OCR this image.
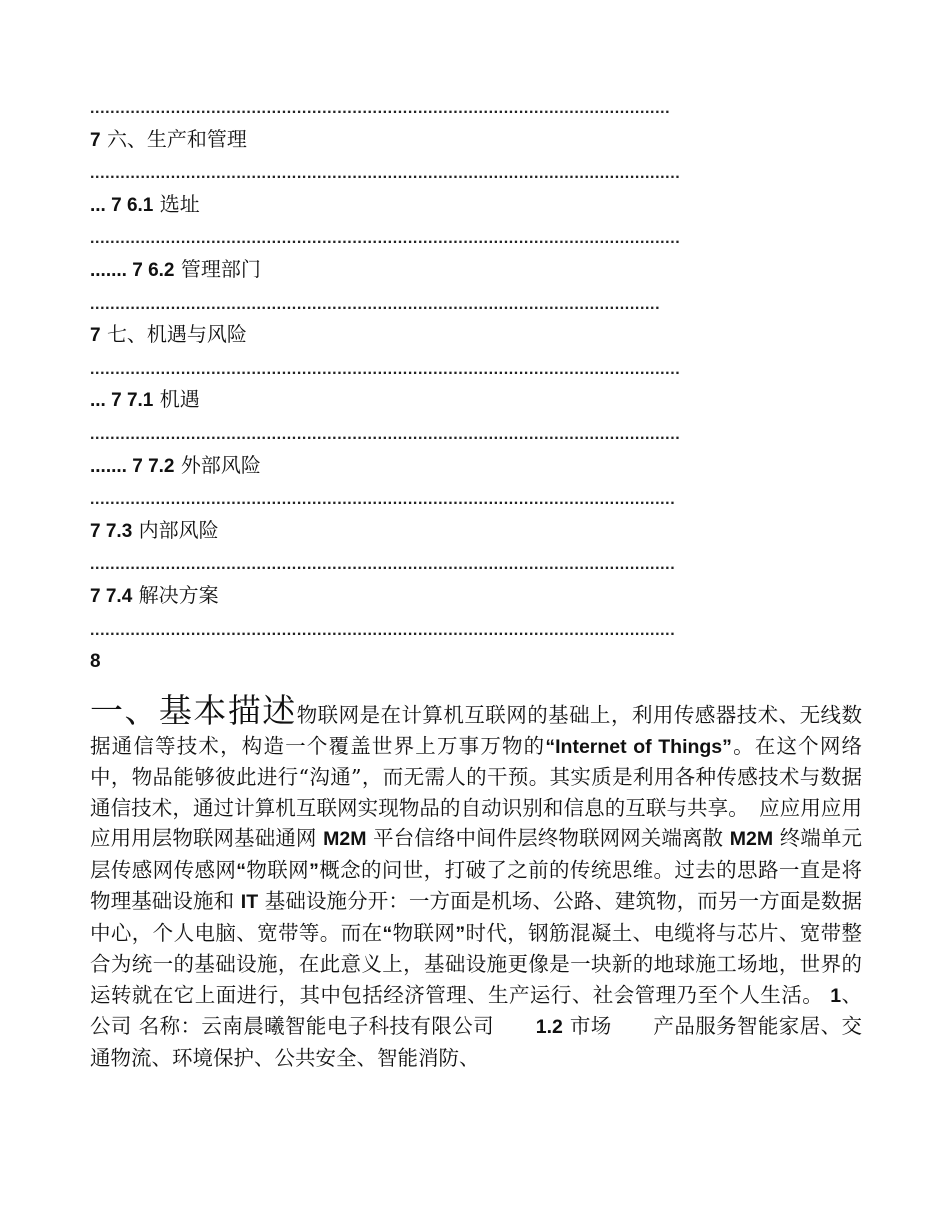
...................................................................................................................
7 六、生产和管理
.....................................................................................................................
... 7 6.1 选址
.....................................................................................................................
....... 7 6.2 管理部门
.................................................................................................................
7 七、机遇与风险
.....................................................................................................................
... 7 7.1 机遇
.....................................................................................................................
....... 7 7.2 外部风险
....................................................................................................................
7 7.3 内部风险
....................................................................................................................
7 7.4 解决方案
....................................................................................................................
8
一、基本描述物联网是在计算机互联网的基础上，利用传感器技术、无线数据通信等技术，构造一个覆盖世界上万事万物的“Internet of Things”。在这个网络中，物品能够彼此进行“沟通”，而无需人的干预。其实质是利用各种传感技术与数据通信技术，通过计算机互联网实现物品的自动识别和信息的互联与共享。　应应用应用应用用层物联网基础通网 M2M 平台信络中间件层终物联网网关端离散 M2M 终端单元层传感网传感网“物联网”概念的问世，打破了之前的传统思维。过去的思路一直是将物理基础设施和 IT 基础设施分开：一方面是机场、公路、建筑物，而另一方面是数据中心，个人电脑、宽带等。而在“物联网”时代，钢筋混凝土、电缆将与芯片、宽带整合为统一的基础设施，在此意义上，基础设施更像是一块新的地球施工场地，世界的运转就在它上面进行，其中包括经济管理、生产运行、社会管理乃至个人生活。 1、公司 名称：云南晨曦智能电子科技有限公司　　1.2 市场　　产品服务智能家居、交通物流、环境保护、公共安全、智能消防、
